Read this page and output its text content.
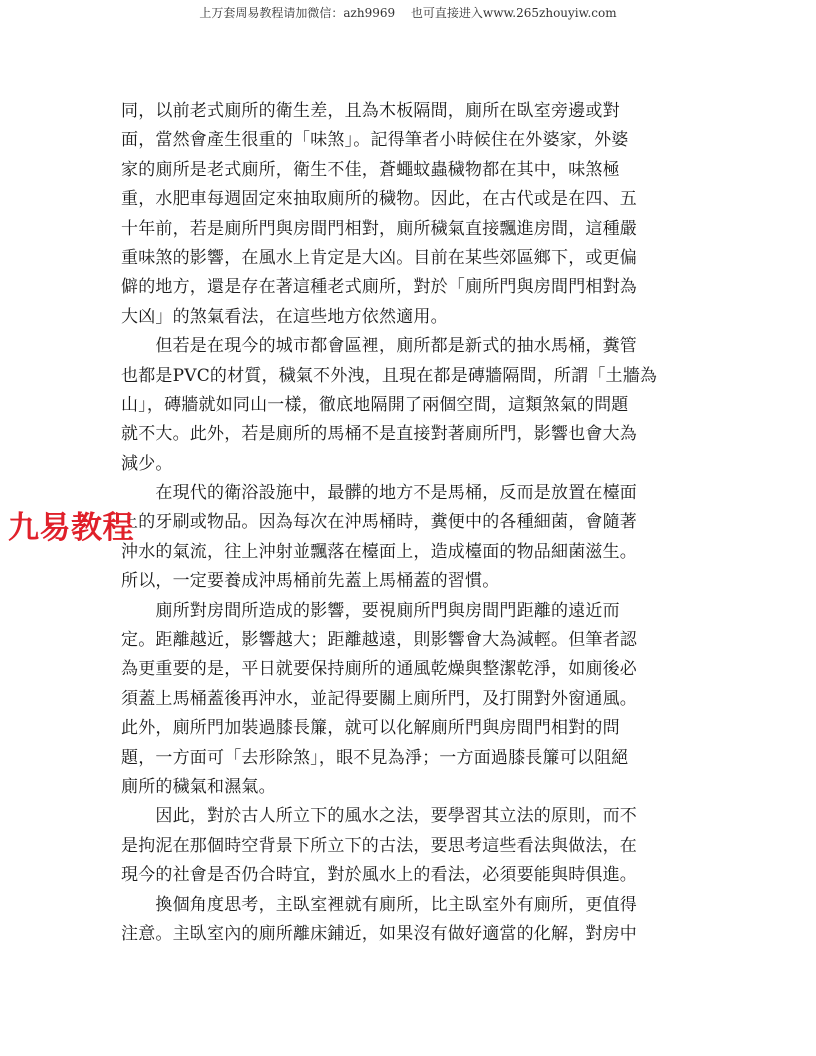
上万套周易教程请加微信：azh9969　 也可直接进入www.265zhouyiw.com
同，以前老式廁所的衛生差，且為木板隔間，廁所在臥室旁邊或對
面，當然會產生很重的「味煞」。記得筆者小時候住在外婆家，外婆
家的廁所是老式廁所，衛生不佳，蒼蠅蚊蟲穢物都在其中，味煞極
重，水肥車每週固定來抽取廁所的穢物。因此，在古代或是在四、五
十年前，若是廁所門與房間門相對，廁所穢氣直接飄進房間，這種嚴
重味煞的影響，在風水上肯定是大凶。目前在某些郊區鄉下，或更偏
僻的地方，還是存在著這種老式廁所，對於「廁所門與房間門相對為
大凶」的煞氣看法，在這些地方依然適用。
　　但若是在現今的城市都會區裡，廁所都是新式的抽水馬桶，糞管
也都是PVC的材質，穢氣不外洩，且現在都是磚牆隔間，所謂「土牆為
山」，磚牆就如同山一樣，徹底地隔開了兩個空間，這類煞氣的問題
就不大。此外，若是廁所的馬桶不是直接對著廁所門，影響也會大為
減少。
　　在現代的衛浴設施中，最髒的地方不是馬桶，反而是放置在檯面
上的牙刷或物品。因為每次在沖馬桶時，糞便中的各種細菌，會隨著
沖水的氣流，往上沖射並飄落在檯面上，造成檯面的物品細菌滋生。
所以，一定要養成沖馬桶前先蓋上馬桶蓋的習慣。
　　廁所對房間所造成的影響，要視廁所門與房間門距離的遠近而
定。距離越近，影響越大；距離越遠，則影響會大為減輕。但筆者認
為更重要的是，平日就要保持廁所的通風乾燥與整潔乾淨，如廁後必
須蓋上馬桶蓋後再沖水，並記得要關上廁所門，及打開對外窗通風。
此外，廁所門加裝過膝長簾，就可以化解廁所門與房間門相對的問
題，一方面可「去形除煞」，眼不見為淨；一方面過膝長簾可以阻絕
廁所的穢氣和濕氣。
　　因此，對於古人所立下的風水之法，要學習其立法的原則，而不
是拘泥在那個時空背景下所立下的古法，要思考這些看法與做法，在
現今的社會是否仍合時宜，對於風水上的看法，必須要能與時俱進。
　　換個角度思考，主臥室裡就有廁所，比主臥室外有廁所，更值得
注意。主臥室內的廁所離床鋪近，如果沒有做好適當的化解，對房中
九易教程
